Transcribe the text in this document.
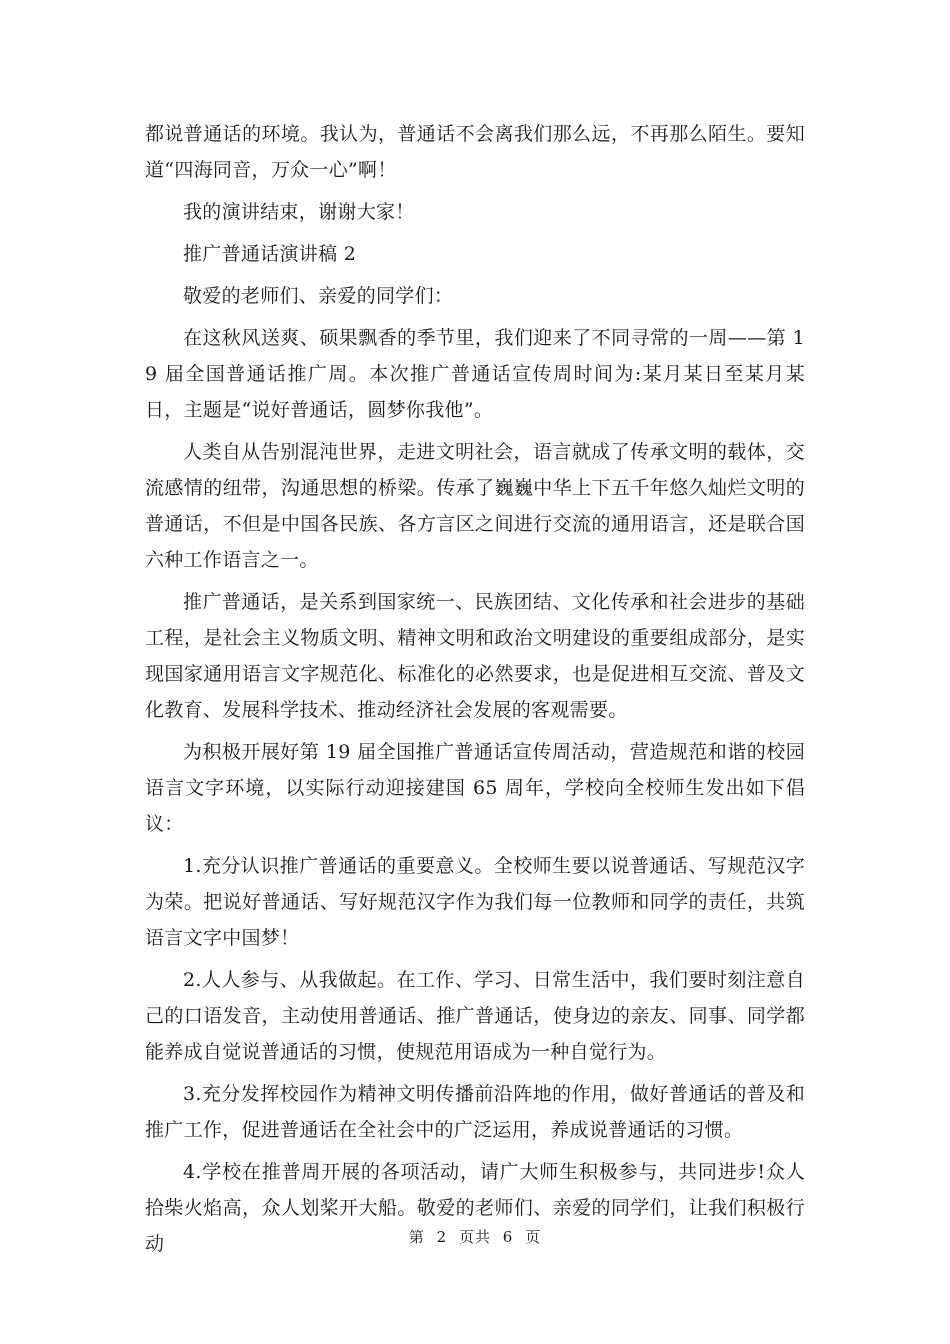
都说普通话的环境。我认为，普通话不会离我们那么远，不再那么陌生。要知道“四海同音，万众一心”啊！

我的演讲结束，谢谢大家！

推广普通话演讲稿 2

敬爱的老师们、亲爱的同学们：

在这秋风送爽、硕果飘香的季节里，我们迎来了不同寻常的一周——第 19 届全国普通话推广周。本次推广普通话宣传周时间为:某月某日至某月某日，主题是“说好普通话，圆梦你我他”。

人类自从告别混沌世界，走进文明社会，语言就成了传承文明的载体，交流感情的纽带，沟通思想的桥梁。传承了巍巍中华上下五千年悠久灿烂文明的普通话，不但是中国各民族、各方言区之间进行交流的通用语言，还是联合国六种工作语言之一。

推广普通话，是关系到国家统一、民族团结、文化传承和社会进步的基础工程，是社会主义物质文明、精神文明和政治文明建设的重要组成部分，是实现国家通用语言文字规范化、标准化的必然要求，也是促进相互交流、普及文化教育、发展科学技术、推动经济社会发展的客观需要。

为积极开展好第 19 届全国推广普通话宣传周活动，营造规范和谐的校园语言文字环境，以实际行动迎接建国 65 周年，学校向全校师生发出如下倡议：

1.充分认识推广普通话的重要意义。全校师生要以说普通话、写规范汉字为荣。把说好普通话、写好规范汉字作为我们每一位教师和同学的责任，共筑语言文字中国梦！

2.人人参与、从我做起。在工作、学习、日常生活中，我们要时刻注意自己的口语发音，主动使用普通话、推广普通话，使身边的亲友、同事、同学都能养成自觉说普通话的习惯，使规范用语成为一种自觉行为。

3.充分发挥校园作为精神文明传播前沿阵地的作用，做好普通话的普及和推广工作，促进普通话在全社会中的广泛运用，养成说普通话的习惯。

4.学校在推普周开展的各项活动，请广大师生积极参与，共同进步!众人拾柴火焰高，众人划桨开大船。敬爱的老师们、亲爱的同学们，让我们积极行动	第 2 页共 6 页
